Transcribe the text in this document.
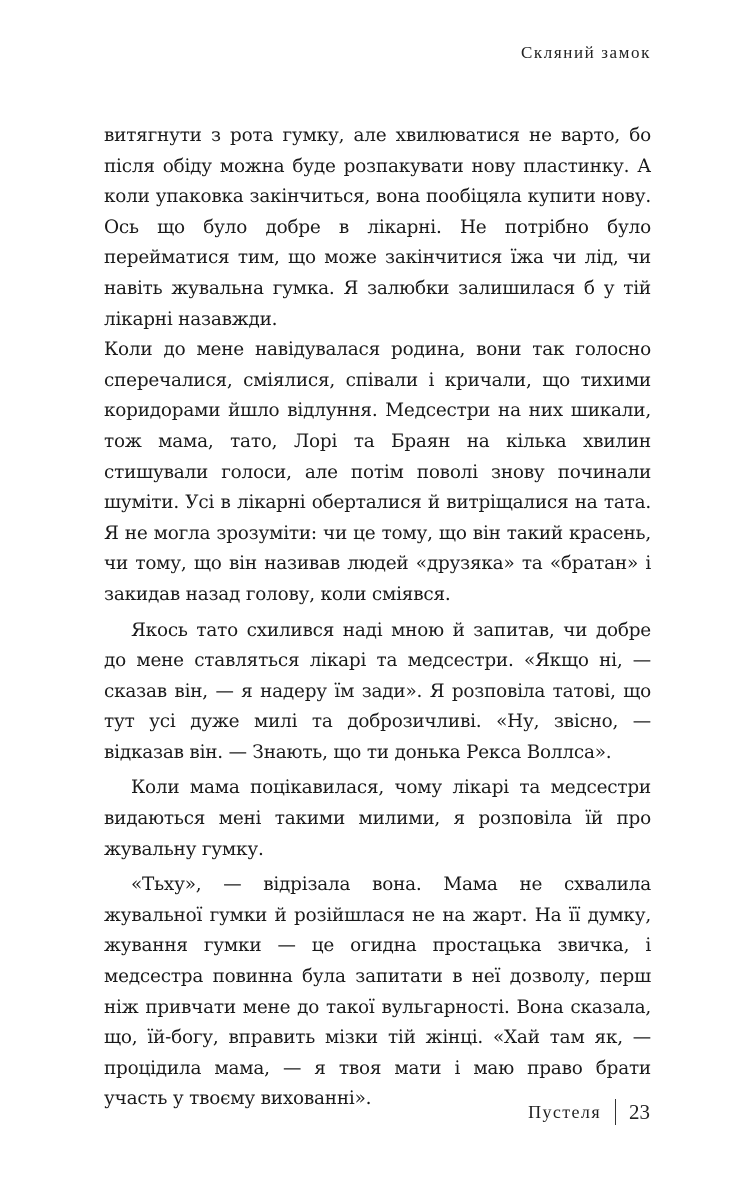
Скляний замок

витягнути з рота гумку, але хвилюватися не варто, бо після обіду можна буде розпакувати нову пластинку. А коли упаковка закінчиться, вона пообіцяла купити нову. Ось що було добре в лікарні. Не потрібно було перейматися тим, що може закінчитися їжа чи лід, чи навіть жувальна гумка. Я залюбки залишилася б у тій лікарні назавжди.

Коли до мене навідувалася родина, вони так голосно сперечалися, сміялися, співали і кричали, що тихими коридорами йшло відлуння. Медсестри на них шикали, тож мама, тато, Лорі та Браян на кілька хвилин стишували голоси, але потім поволі знову починали шуміти. Усі в лікарні оберталися й витріщалися на тата. Я не могла зрозуміти: чи це тому, що він такий красень, чи тому, що він називав людей «друзяка» та «братан» і закидав назад голову, коли сміявся.

Якось тато схилився наді мною й запитав, чи добре до мене ставляться лікарі та медсестри. «Якщо ні, — сказав він, — я надеру їм зади». Я розповіла татові, що тут усі дуже милі та доброзичливі. «Ну, звісно, — відказав він. — Знають, що ти донька Рекса Воллса».

Коли мама поцікавилася, чому лікарі та медсестри видаються мені такими милими, я розповіла їй про жувальну гумку.

«Тьху», — відрізала вона. Мама не схвалила жувальної гумки й розійшлася не на жарт. На її думку, жування гумки — це огидна простацька звичка, і медсестра повинна була запитати в неї дозволу, перш ніж привчати мене до такої вульгарності. Вона сказала, що, їй-богу, вправить мізки тій жінці. «Хай там як, — процідила мама, — я твоя мати і маю право брати участь у твоєму вихованні».

Пустеля 23
